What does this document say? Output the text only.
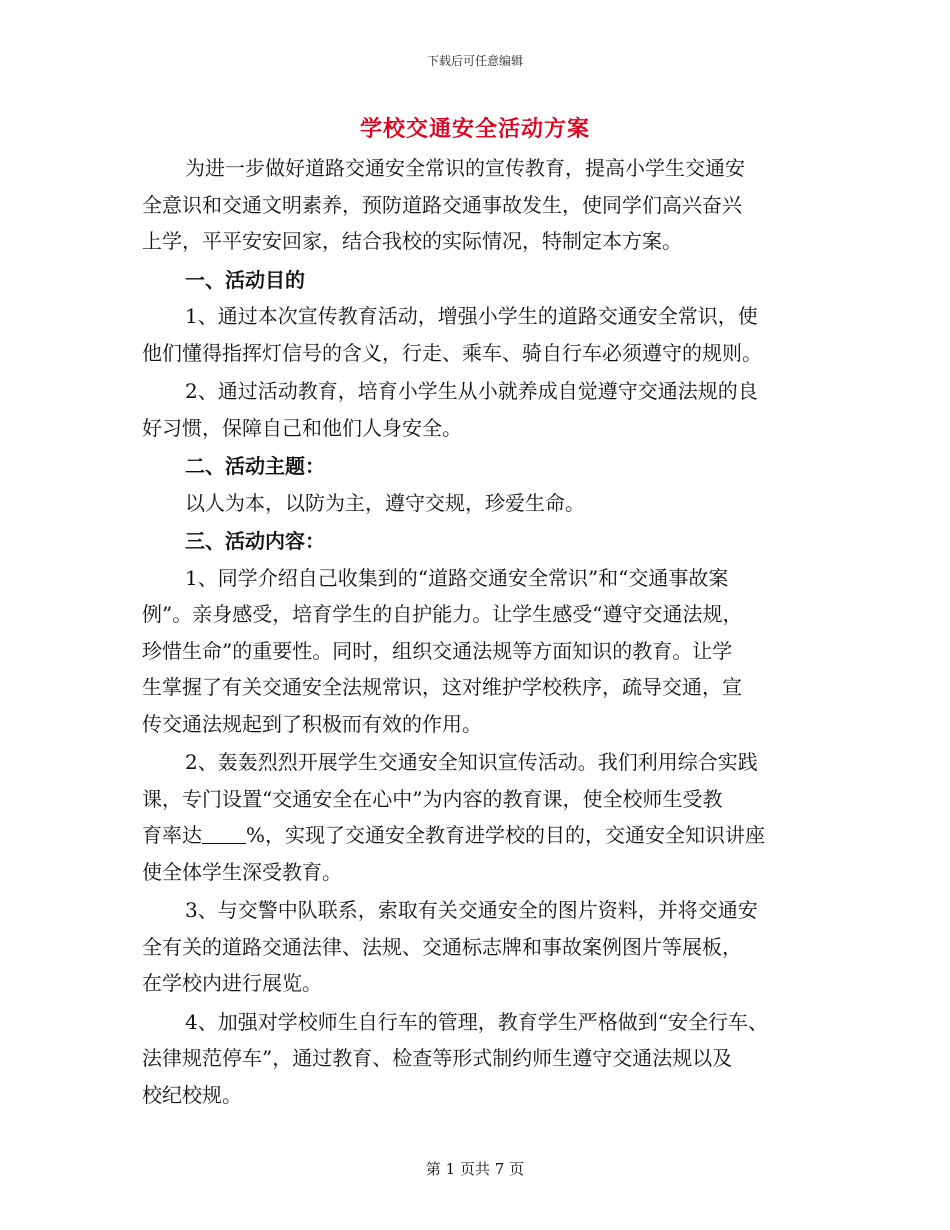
下载后可任意编辑
学校交通安全活动方案
为进一步做好道路交通安全常识的宣传教育，提高小学生交通安
全意识和交通文明素养，预防道路交通事故发生，使同学们高兴奋兴
上学，平平安安回家，结合我校的实际情况，特制定本方案。
一、活动目的
1、通过本次宣传教育活动，增强小学生的道路交通安全常识，使
他们懂得指挥灯信号的含义，行走、乘车、骑自行车必须遵守的规则。
2、通过活动教育，培育小学生从小就养成自觉遵守交通法规的良
好习惯，保障自己和他们人身安全。
二、活动主题：
以人为本，以防为主，遵守交规，珍爱生命。
三、活动内容：
1、同学介绍自己收集到的“道路交通安全常识”和“交通事故案
例”。亲身感受，培育学生的自护能力。让学生感受“遵守交通法规，
珍惜生命”的重要性。同时，组织交通法规等方面知识的教育。让学
生掌握了有关交通安全法规常识，这对维护学校秩序，疏导交通，宣
传交通法规起到了积极而有效的作用。
2、轰轰烈烈开展学生交通安全知识宣传活动。我们利用综合实践
课，专门设置“交通安全在心中”为内容的教育课，使全校师生受教
育率达 %，实现了交通安全教育进学校的目的，交通安全知识讲座
使全体学生深受教育。
3、与交警中队联系，索取有关交通安全的图片资料，并将交通安
全有关的道路交通法律、法规、交通标志牌和事故案例图片等展板，
在学校内进行展览。
4、加强对学校师生自行车的管理，教育学生严格做到“安全行车、
法律规范停车”，通过教育、检查等形式制约师生遵守交通法规以及
校纪校规。
第 1 页共 7 页
